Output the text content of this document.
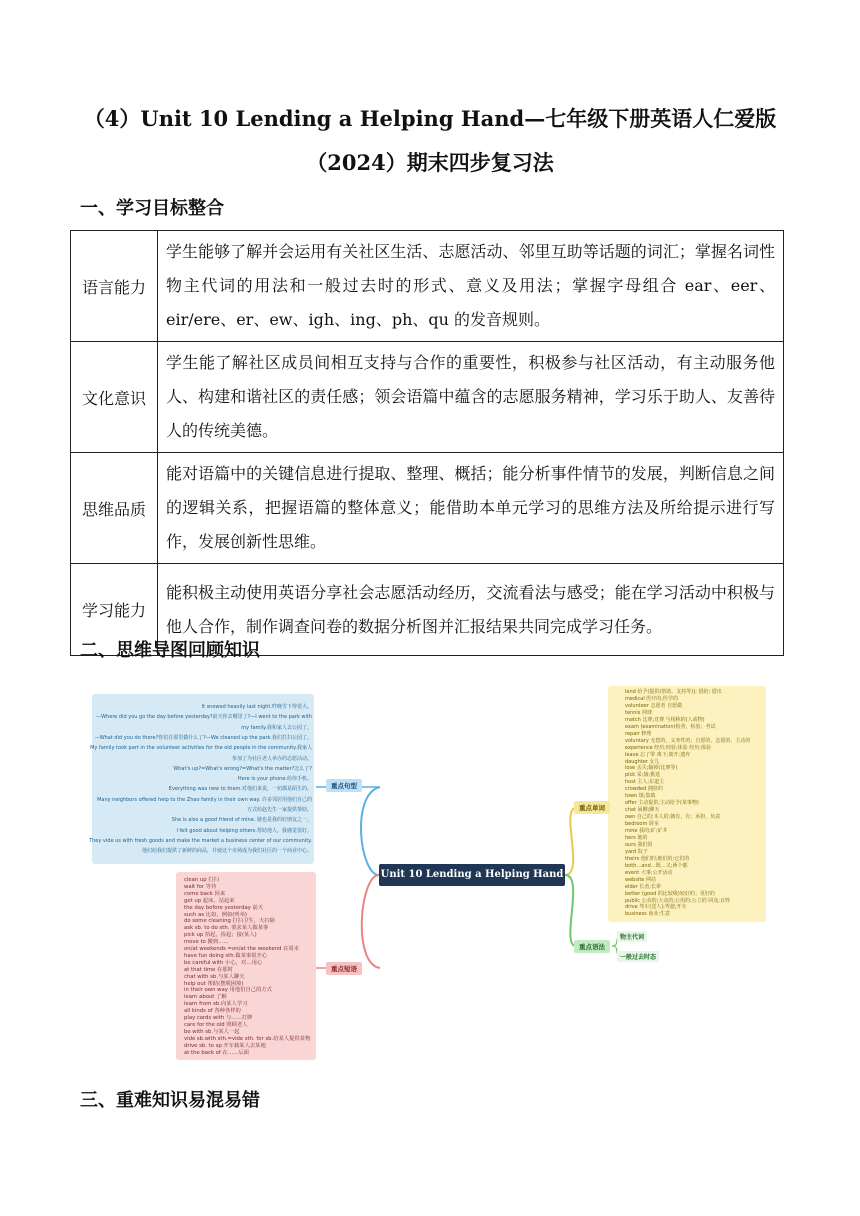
（4）Unit 10 Lending a Helping Hand—七年级下册英语人仁爱版
（2024）期末四步复习法
一、学习目标整合
语言能力	学生能够了解并会运用有关社区生活、志愿活动、邻里互助等话题的词汇；掌握名词性物主代词的用法和一般过去时的形式、意义及用法；掌握字母组合 ear、eer、eir/ere、er、ew、igh、ing、ph、qu 的发音规则。
文化意识	学生能了解社区成员间相互支持与合作的重要性，积极参与社区活动，有主动服务他人、构建和谐社区的责任感；领会语篇中蕴含的志愿服务精神，学习乐于助人、友善待人的传统美德。
思维品质	能对语篇中的关键信息进行提取、整理、概括；能分析事件情节的发展，判断信息之间的逻辑关系，把握语篇的整体意义；能借助本单元学习的思维方法及所给提示进行写作，发展创新性思维。
学习能力	能积极主动使用英语分享社会志愿活动经历，交流看法与感受；能在学习活动中积极与他人合作，制作调查问卷的数据分析图并汇报结果共同完成学习任务。
二、思维导图回顾知识
It snowed heavily last night.昨晚雪下得很大。
—Where did you go the day before yesterday?前天你去哪里了?—I went to the park with
my family.我和家人去公园了。
—What did you do there?你们在那里做什么了?—We cleaned up the park.我们打扫公园了。
My family took part in the volunteer activities for the old people in the community.我家人
参加了为社区老人举办的志愿活动。
What's up?=What's wrong?=What's the matter?怎么了?
Here is your phone.给你手机。
Everything was new to them.对他们来说，一切都是陌生的。
Many neighbors offered help to the Zhao family in their own way. 许多邻居用他们自己的
方式给赵先生一家提供帮助。
She is also a good friend of mine. 她也是我的好朋友之一。
I felt good about helping others.帮助他人，我感觉很好。
They vide us with fresh goods and make the market a business center of our community.
他们给我们提供了新鲜的商品，并使这个市场成为我们社区的一个商业中心。
clean up 打扫
wait for 等待
come back 回来
get up 起床，站起来
the day before yesterday 前天
such as 比如，例如(列举)
do some cleaning 打扫卫生，大扫除
ask sb. to do sth. 要求某人做某事
pick up 拾起，捡起；接(某人)
move to 搬到……
on/at weekends =on/at the weekend 在周末
have fun doing sth.做某事很开心
be careful with 小心，对…用心
at that time 在那时
chat with sb.与某人聊天
help out 帮助(摆脱困境)
in their own way 用他们自己的方式
learn about 了解
learn from sb.向某人学习
all kinds of 各种各样的
play cards with 与……打牌
care for the old 照顾老人
be with sb.与某人一起
vide sb.with sth.=vide sth. for sb.给某人提供某物
drive sb. to sp.开车载某人去某地
at the back of 在……后面
lend 给予(提供(帮助、支持等)); 借给; 借出
medical 医疗的;医学的
volunteer 志愿者 自愿做
tennis 网球
match 比赛;竞赛 与相称的(人或物)
exam (examination)检查，检验；考试
repair 修理
voluntary 无偿的，义务性的；自愿的，志愿的，主动的
experience 经历;经验;体验 经历;体验
leave 忘了带 离下;离开;遗弃
daughter 女儿
lose 丢失;输掉(比赛等)
pick 采;摘;挑选
host 主人;东道主
crowded 拥挤的
town 镇;集镇
offer 主动提供;主动给予(某事物)
chat 闲聊;聊天
own 自己的;本人的;拥有，有；承担，负责
bedroom 卧室
mine 我的;矿;矿井
hers 她的
ours 我们的
yard 院子
theirs 他们的;她们的;它们的
both…and…既…又;两个都
event 大事;公开活动
website 网站
elder 长者;长辈
better (good 的比较级)较好的；更好的
public 公众的;大众的;公用的;公立的 同众;百姓
drive 驾车(送人);驾驶;开车
business 商业;生意
Unit 10 Lending a Helping Hand
重点句型
重点短语
重点单词
重点语法
物主代词
一般过去时态
三、重难知识易混易错
